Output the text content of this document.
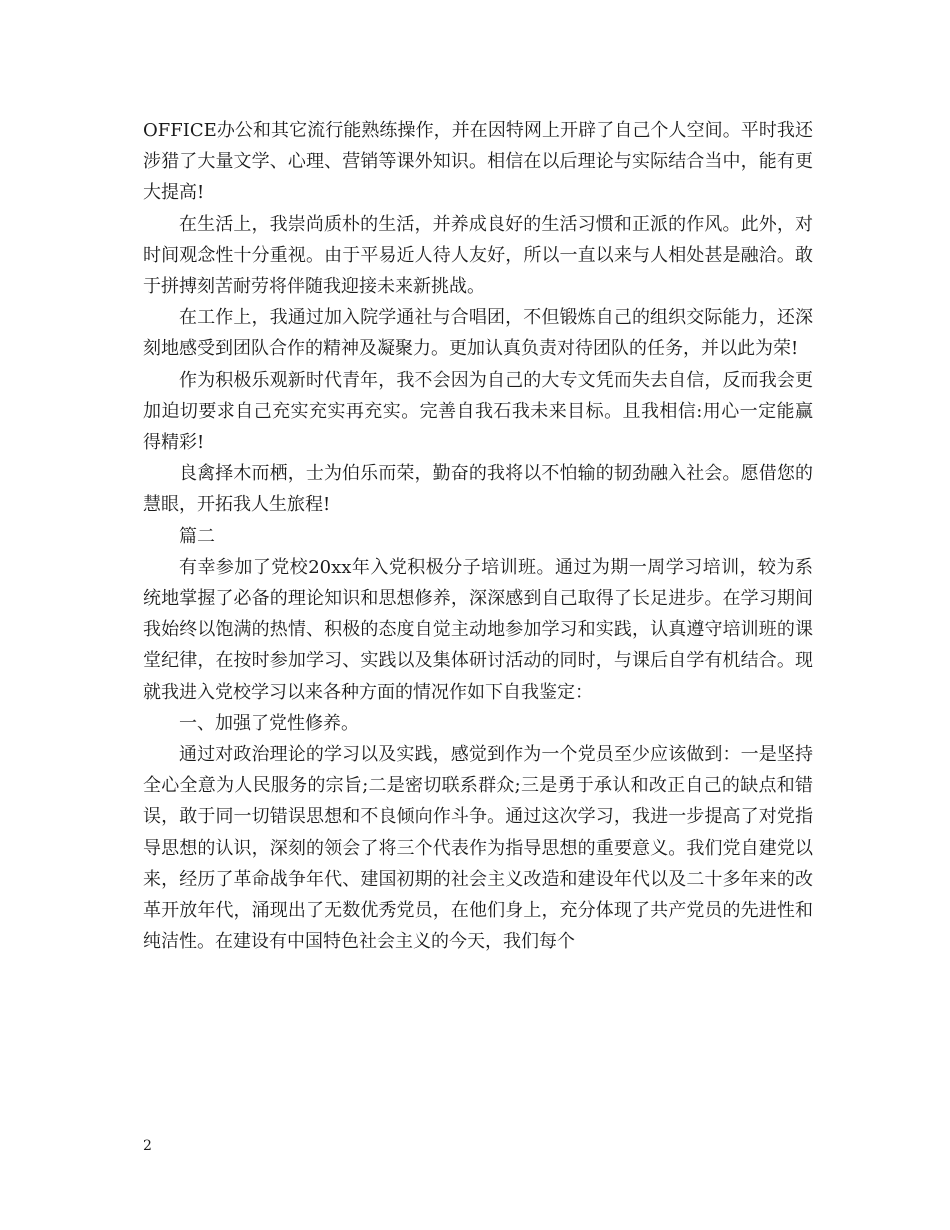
OFFICE办公和其它流行能熟练操作，并在因特网上开辟了自己个人空间。平时我还涉猎了大量文学、心理、营销等课外知识。相信在以后理论与实际结合当中，能有更大提高!

在生活上，我崇尚质朴的生活，并养成良好的生活习惯和正派的作风。此外，对时间观念性十分重视。由于平易近人待人友好，所以一直以来与人相处甚是融洽。敢于拼搏刻苦耐劳将伴随我迎接未来新挑战。

在工作上，我通过加入院学通社与合唱团，不但锻炼自己的组织交际能力，还深刻地感受到团队合作的精神及凝聚力。更加认真负责对待团队的任务，并以此为荣!

作为积极乐观新时代青年，我不会因为自己的大专文凭而失去自信，反而我会更加迫切要求自己充实充实再充实。完善自我石我未来目标。且我相信:用心一定能赢得精彩!

良禽择木而栖，士为伯乐而荣，勤奋的我将以不怕输的韧劲融入社会。愿借您的慧眼，开拓我人生旅程!

篇二

有幸参加了党校20xx年入党积极分子培训班。通过为期一周学习培训，较为系统地掌握了必备的理论知识和思想修养，深深感到自己取得了长足进步。在学习期间我始终以饱满的热情、积极的态度自觉主动地参加学习和实践，认真遵守培训班的课堂纪律，在按时参加学习、实践以及集体研讨活动的同时，与课后自学有机结合。现就我进入党校学习以来各种方面的情况作如下自我鉴定：

一、加强了党性修养。

通过对政治理论的学习以及实践，感觉到作为一个党员至少应该做到：一是坚持全心全意为人民服务的宗旨;二是密切联系群众;三是勇于承认和改正自己的缺点和错误，敢于同一切错误思想和不良倾向作斗争。通过这次学习，我进一步提高了对党指导思想的认识，深刻的领会了将三个代表作为指导思想的重要意义。我们党自建党以来，经历了革命战争年代、建国初期的社会主义改造和建设年代以及二十多年来的改革开放年代，涌现出了无数优秀党员，在他们身上，充分体现了共产党员的先进性和纯洁性。在建设有中国特色社会主义的今天，我们每个

2
